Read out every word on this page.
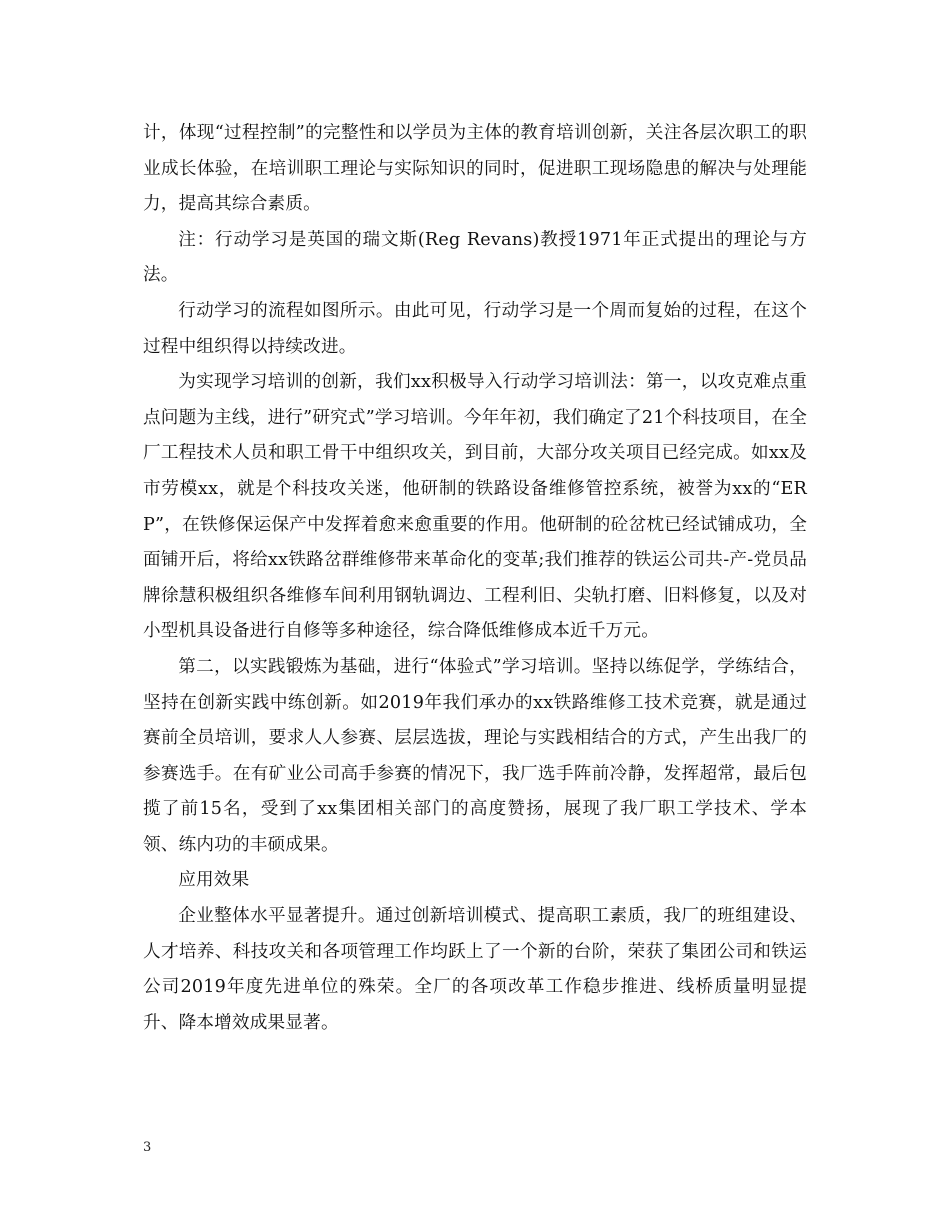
计，体现“过程控制”的完整性和以学员为主体的教育培训创新，关注各层次职工的职业成长体验，在培训职工理论与实际知识的同时，促进职工现场隐患的解决与处理能力，提高其综合素质。

注：行动学习是英国的瑞文斯(Reg Revans)教授1971年正式提出的理论与方法。

行动学习的流程如图所示。由此可见，行动学习是一个周而复始的过程，在这个过程中组织得以持续改进。

为实现学习培训的创新，我们xx积极导入行动学习培训法：第一，以攻克难点重点问题为主线，进行”研究式”学习培训。今年年初，我们确定了21个科技项目，在全厂工程技术人员和职工骨干中组织攻关，到目前，大部分攻关项目已经完成。如xx及市劳模xx，就是个科技攻关迷，他研制的铁路设备维修管控系统，被誉为xx的“ERP”，在铁修保运保产中发挥着愈来愈重要的作用。他研制的砼岔枕已经试铺成功，全面铺开后，将给xx铁路岔群维修带来革命化的变革;我们推荐的铁运公司共-产-党员品牌徐慧积极组织各维修车间利用钢轨调边、工程利旧、尖轨打磨、旧料修复，以及对小型机具设备进行自修等多种途径，综合降低维修成本近千万元。

第二，以实践锻炼为基础，进行“体验式”学习培训。坚持以练促学，学练结合，坚持在创新实践中练创新。如2019年我们承办的xx铁路维修工技术竞赛，就是通过赛前全员培训，要求人人参赛、层层选拔，理论与实践相结合的方式，产生出我厂的参赛选手。在有矿业公司高手参赛的情况下，我厂选手阵前冷静，发挥超常，最后包揽了前15名，受到了xx集团相关部门的高度赞扬，展现了我厂职工学技术、学本领、练内功的丰硕成果。

应用效果

企业整体水平显著提升。通过创新培训模式、提高职工素质，我厂的班组建设、人才培养、科技攻关和各项管理工作均跃上了一个新的台阶，荣获了集团公司和铁运公司2019年度先进单位的殊荣。全厂的各项改革工作稳步推进、线桥质量明显提升、降本增效成果显著。

3
